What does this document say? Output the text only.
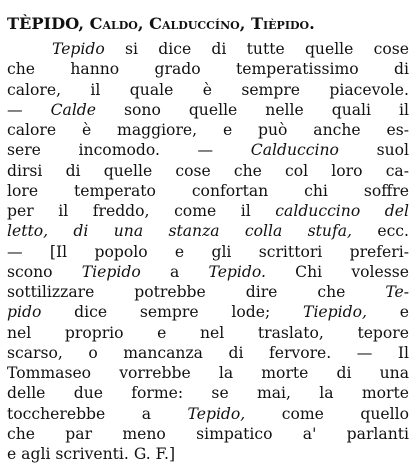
TÈPIDO, Caldo, Calduccíno, Tièpido.

Tepido si dice di tutte quelle cose

che hanno grado temperatissimo di

calore, il quale è sempre piacevole.

— Calde sono quelle nelle quali il

calore è maggiore, e può anche es-

sere incomodo. — Calduccino suol

dirsi di quelle cose che col loro ca-

lore temperato confortan chi soffre

per il freddo, come il calduccino del

letto, di una stanza colla stufa, ecc.

— [Il popolo e gli scrittori preferi-

scono Tiepido a Tepido. Chi volesse

sottilizzare potrebbe dire che Te-

pido dice sempre lode; Tiepido, e

nel proprio e nel traslato, tepore

scarso, o mancanza di fervore. — Il

Tommaseo vorrebbe la morte di una

delle due forme: se mai, la morte

toccherebbe a Tepido, come quello

che par meno simpatico a' parlanti

e agli scriventi. G. F.]
